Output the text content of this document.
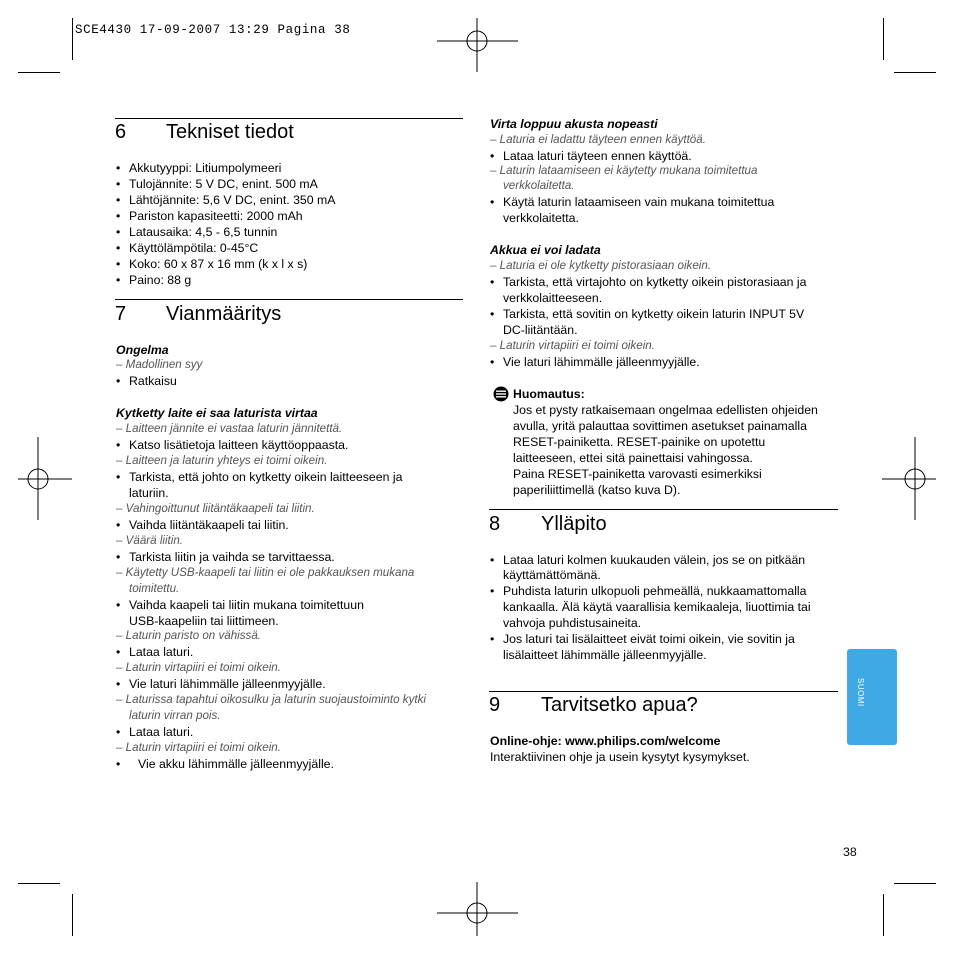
SCE4430 17-09-2007 13:29 Pagina 38
SUOMI
38
6 Tekniset tiedot
• Akkutyyppi: Litiumpolymeeri
• Tulojännite: 5 V DC, enint. 500 mA
• Lähtöjännite: 5,6 V DC, enint. 350 mA
• Pariston kapasiteetti: 2000 mAh
• Latausaika: 4,5 - 6,5 tunnin
• Käyttölämpötila: 0-45°C
• Koko: 60 x 87 x 16 mm (k x l x s)
• Paino: 88 g
7 Vianmääritys
Ongelma
– Madollinen syy
• Ratkaisu
Kytketty laite ei saa laturista virtaa
– Laitteen jännite ei vastaa laturin jännitettä.
• Katso lisätietoja laitteen käyttöoppaasta.
– Laitteen ja laturin yhteys ei toimi oikein.
• Tarkista, että johto on kytketty oikein laitteeseen ja
laturiin.
– Vahingoittunut liitäntäkaapeli tai liitin.
• Vaihda liitäntäkaapeli tai liitin.
– Väärä liitin.
• Tarkista liitin ja vaihda se tarvittaessa.
– Käytetty USB-kaapeli tai liitin ei ole pakkauksen mukana
toimitettu.
• Vaihda kaapeli tai liitin mukana toimitettuun
USB-kaapeliin tai liittimeen.
– Laturin paristo on vähissä.
• Lataa laturi.
– Laturin virtapiiri ei toimi oikein.
• Vie laturi lähimmälle jälleenmyyjälle.
– Laturissa tapahtui oikosulku ja laturin suojaustoiminto kytki
laturin virran pois.
• Lataa laturi.
– Laturin virtapiiri ei toimi oikein.
• Vie akku lähimmälle jälleenmyyjälle.
Virta loppuu akusta nopeasti
– Laturia ei ladattu täyteen ennen käyttöä.
• Lataa laturi täyteen ennen käyttöä.
– Laturin lataamiseen ei käytetty mukana toimitettua
verkkolaitetta.
• Käytä laturin lataamiseen vain mukana toimitettua
verkkolaitetta.
Akkua ei voi ladata
– Laturia ei ole kytketty pistorasiaan oikein.
• Tarkista, että virtajohto on kytketty oikein pistorasiaan ja
verkkolaitteeseen.
• Tarkista, että sovitin on kytketty oikein laturin INPUT 5V
DC-liitäntään.
– Laturin virtapiiri ei toimi oikein.
• Vie laturi lähimmälle jälleenmyyjälle.
Huomautus:
Jos et pysty ratkaisemaan ongelmaa edellisten ohjeiden
avulla, yritä palauttaa sovittimen asetukset painamalla
RESET-painiketta. RESET-painike on upotettu
laitteeseen, ettei sitä painettaisi vahingossa.
Paina RESET-painiketta varovasti esimerkiksi
paperiliittimellä (katso kuva D).
8 Ylläpito
• Lataa laturi kolmen kuukauden välein, jos se on pitkään
käyttämättömänä.
• Puhdista laturin ulkopuoli pehmeällä, nukkaamattomalla
kankaalla. Älä käytä vaarallisia kemikaaleja, liuottimia tai
vahvoja puhdistusaineita.
• Jos laturi tai lisälaitteet eivät toimi oikein, vie sovitin ja
lisälaitteet lähimmälle jälleenmyyjälle.
9 Tarvitsetko apua?
Online-ohje: www.philips.com/welcome
Interaktiivinen ohje ja usein kysytyt kysymykset.
